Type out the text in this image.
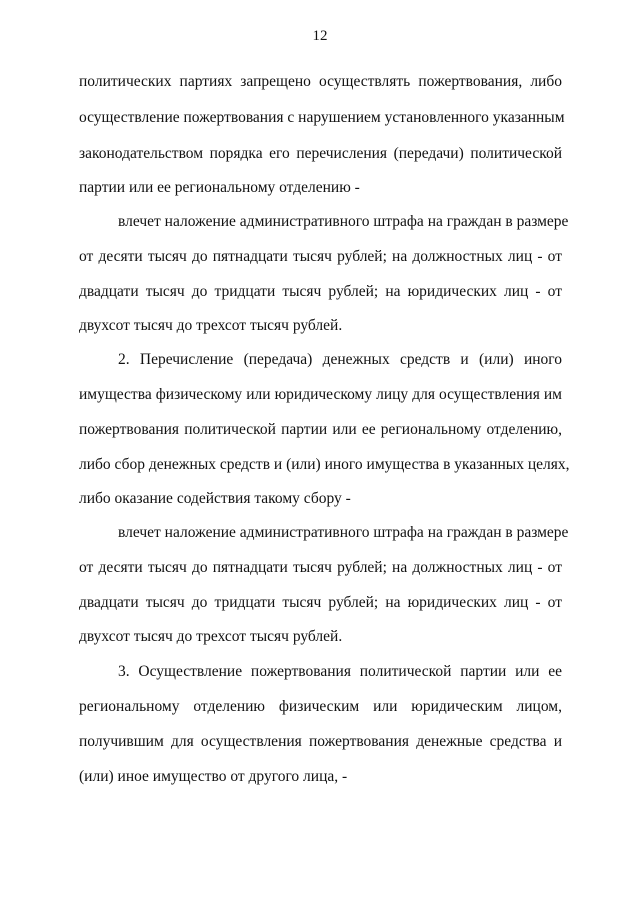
12
политических партиях запрещено осуществлять пожертвования, либо
осуществление пожертвования с нарушением установленного указанным
законодательством порядка его перечисления (передачи) политической
партии или ее региональному отделению -
влечет наложение административного штрафа на граждан в размере
от десяти тысяч до пятнадцати тысяч рублей; на должностных лиц - от
двадцати тысяч до тридцати тысяч рублей; на юридических лиц - от
двухсот тысяч до трехсот тысяч рублей.
2. Перечисление (передача) денежных средств и (или) иного
имущества физическому или юридическому лицу для осуществления им
пожертвования политической партии или ее региональному отделению,
либо сбор денежных средств и (или) иного имущества в указанных целях,
либо оказание содействия такому сбору -
влечет наложение административного штрафа на граждан в размере
от десяти тысяч до пятнадцати тысяч рублей; на должностных лиц - от
двадцати тысяч до тридцати тысяч рублей; на юридических лиц - от
двухсот тысяч до трехсот тысяч рублей.
3. Осуществление пожертвования политической партии или ее
региональному отделению физическим или юридическим лицом,
получившим для осуществления пожертвования денежные средства и
(или) иное имущество от другого лица, -
